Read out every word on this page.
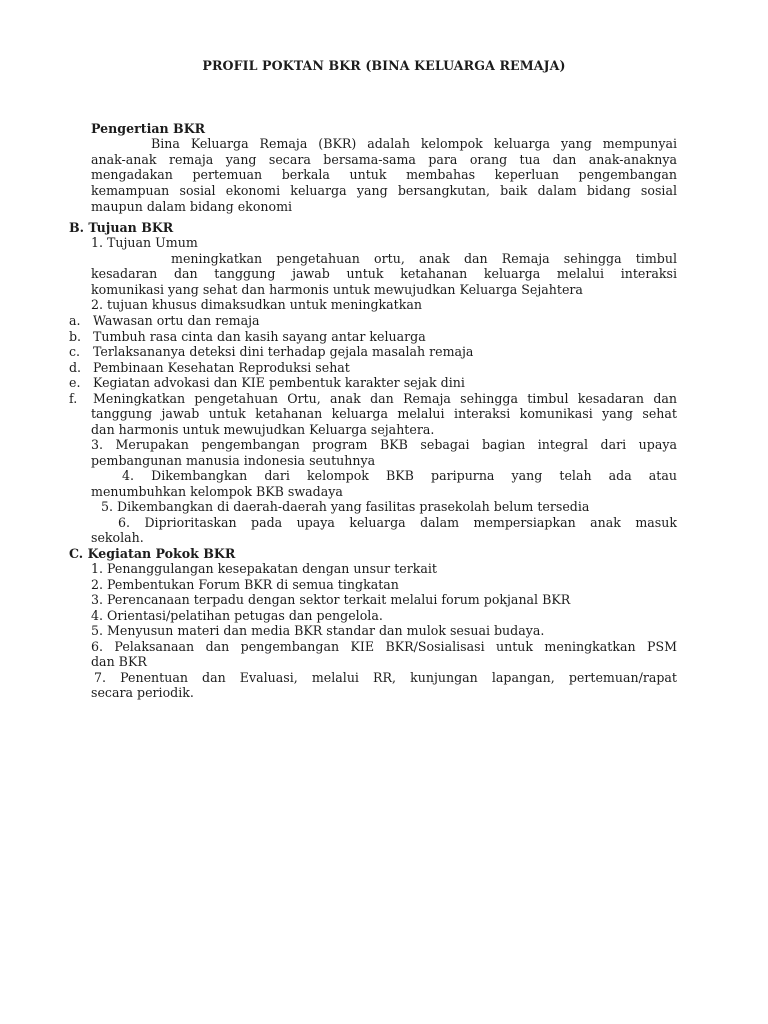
PROFIL POKTAN BKR (BINA KELUARGA REMAJA)
Pengertian BKR
Bina Keluarga Remaja (BKR) adalah kelompok keluarga yang mempunyai
anak-anak remaja yang secara bersama-sama para orang tua dan anak-anaknya
mengadakan pertemuan berkala untuk membahas keperluan pengembangan
kemampuan sosial ekonomi keluarga yang bersangkutan, baik dalam bidang sosial
maupun dalam bidang ekonomi
B. Tujuan BKR
1. Tujuan Umum
meningkatkan pengetahuan ortu, anak dan Remaja sehingga timbul
kesadaran dan tanggung jawab untuk ketahanan keluarga melalui interaksi
komunikasi yang sehat dan harmonis untuk mewujudkan Keluarga Sejahtera
2. tujuan khusus dimaksudkan untuk meningkatkan
a. Wawasan ortu dan remaja
b. Tumbuh rasa cinta dan kasih sayang antar keluarga
c. Terlaksananya deteksi dini terhadap gejala masalah remaja
d. Pembinaan Kesehatan Reproduksi sehat
e. Kegiatan advokasi dan KIE pembentuk karakter sejak dini
f. Meningkatkan pengetahuan Ortu, anak dan Remaja sehingga timbul kesadaran dan
tanggung jawab untuk ketahanan keluarga melalui interaksi komunikasi yang sehat
dan harmonis untuk mewujudkan Keluarga sejahtera.
3. Merupakan pengembangan program BKB sebagai bagian integral dari upaya
pembangunan manusia indonesia seutuhnya
4. Dikembangkan dari kelompok BKB paripurna yang telah ada atau
menumbuhkan kelompok BKB swadaya
5. Dikembangkan di daerah-daerah yang fasilitas prasekolah belum tersedia
6. Diprioritaskan pada upaya keluarga dalam mempersiapkan anak masuk
sekolah.
C. Kegiatan Pokok BKR
1. Penanggulangan kesepakatan dengan unsur terkait
2. Pembentukan Forum BKR di semua tingkatan
3. Perencanaan terpadu dengan sektor terkait melalui forum pokjanal BKR
4. Orientasi/pelatihan petugas dan pengelola.
5. Menyusun materi dan media BKR standar dan mulok sesuai budaya.
6. Pelaksanaan dan pengembangan KIE BKR/Sosialisasi untuk meningkatkan PSM
dan BKR
7. Penentuan dan Evaluasi, melalui RR, kunjungan lapangan, pertemuan/rapat
secara periodik.
